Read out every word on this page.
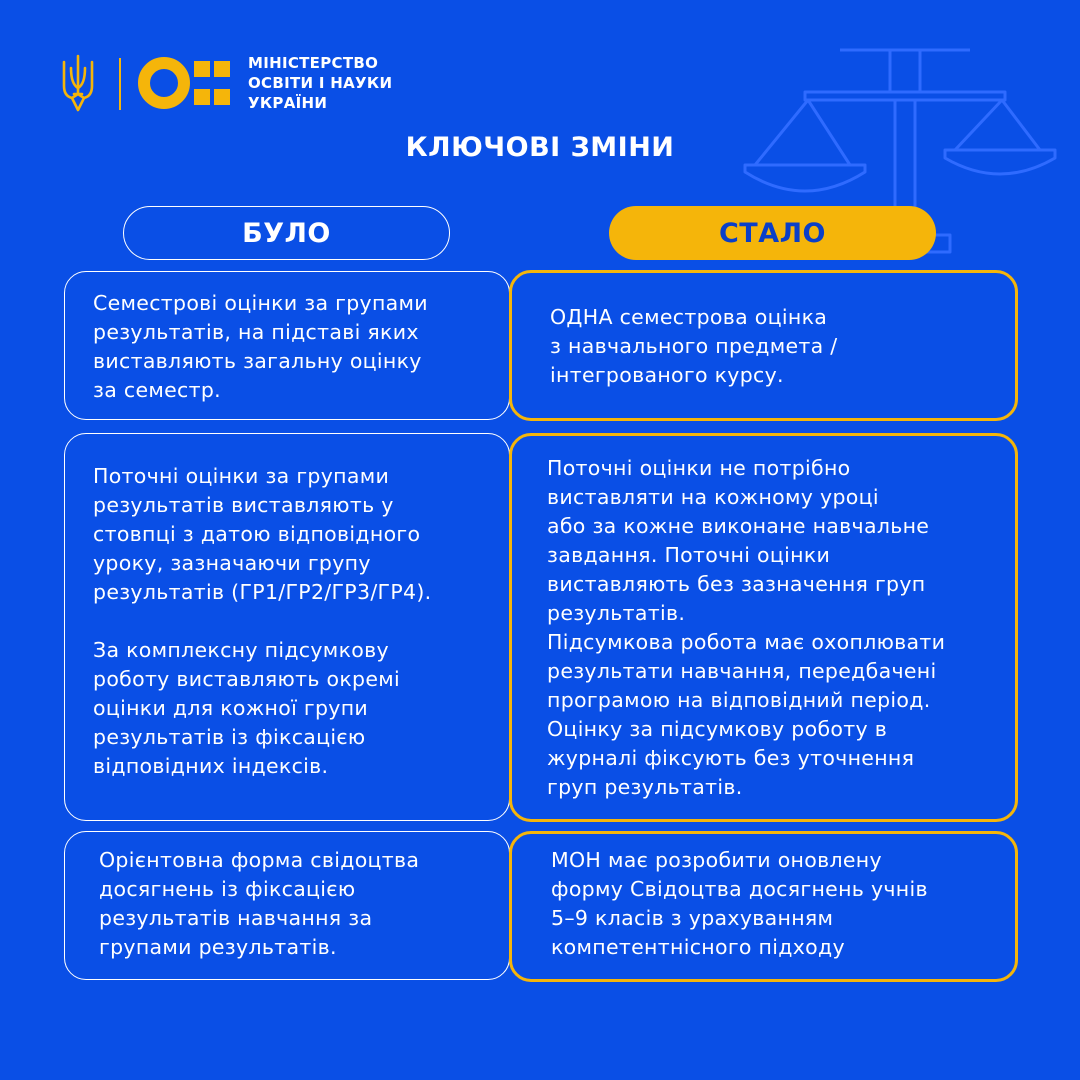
МІНІСТЕРСТВО
ОСВІТИ І НАУКИ
УКРАЇНИ
КЛЮЧОВІ ЗМІНИ
БУЛО	СТАЛО

Семестрові оцінки за групами
результатів, на підставі яких
виставляють загальну оцінку
за семестр.

ОДНА семестрова оцінка
з навчального предмета /
інтегрованого курсу.

Поточні оцінки за групами
результатів виставляють у
стовпці з датою відповідного
уроку, зазначаючи групу
результатів (ГР1/ГР2/ГР3/ГР4).

За комплексну підсумкову
роботу виставляють окремі
оцінки для кожної групи
результатів із фіксацією
відповідних індексів.

Поточні оцінки не потрібно
виставляти на кожному уроці
або за кожне виконане навчальне
завдання. Поточні оцінки
виставляють без зазначення груп
результатів.
Підсумкова робота має охоплювати
результати навчання, передбачені
програмою на відповідний період.
Оцінку за підсумкову роботу в
журналі фіксують без уточнення
груп результатів.

Орієнтовна форма свідоцтва
досягнень із фіксацією
результатів навчання за
групами результатів.

МОН має розробити оновлену
форму Свідоцтва досягнень учнів
5–9 класів з урахуванням
компетентнісного підходу
